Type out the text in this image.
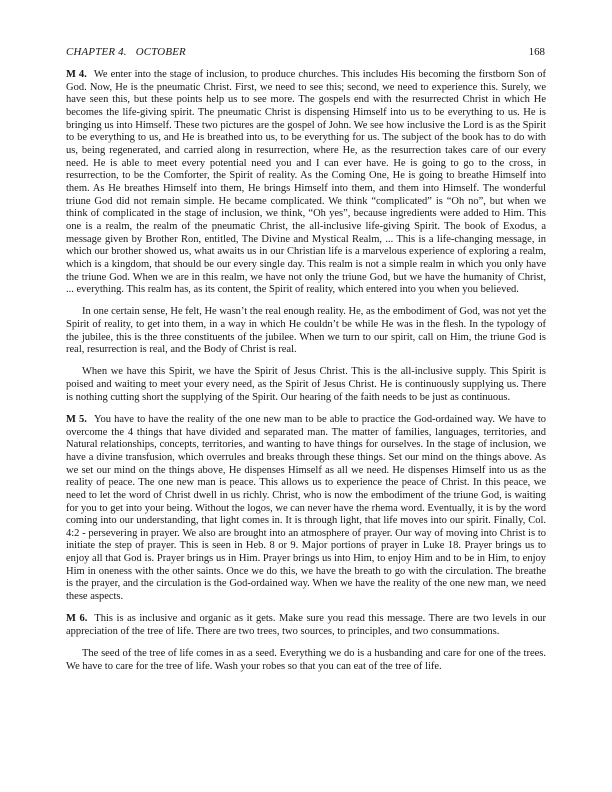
CHAPTER 4. OCTOBER	168

M 4. We enter into the stage of inclusion, to produce churches. This includes His becoming the firstborn Son of God. Now, He is the pneumatic Christ. First, we need to see this; second, we need to experience this. Surely, we have seen this, but these points help us to see more. The gospels end with the resurrected Christ in which He becomes the life-giving spirit. The pneumatic Christ is dispensing Himself into us to be everything to us. He is bringing us into Himself. These two pictures are the gospel of John. We see how inclusive the Lord is as the Spirit to be everything to us, and He is breathed into us, to be everything for us. The subject of the book has to do with us, being regenerated, and carried along in resurrection, where He, as the resurrection takes care of our every need. He is able to meet every potential need you and I can ever have. He is going to go to the cross, in resurrection, to be the Comforter, the Spirit of reality. As the Coming One, He is going to breathe Himself into them. As He breathes Himself into them, He brings Himself into them, and them into Himself. The wonderful triune God did not remain simple. He became complicated. We think “complicated” is “Oh no”, but when we think of complicated in the stage of inclusion, we think, “Oh yes”, because ingredients were added to Him. This one is a realm, the realm of the pneumatic Christ, the all-inclusive life-giving Spirit. The book of Exodus, a message given by Brother Ron, entitled, The Divine and Mystical Realm, ... This is a life-changing message, in which our brother showed us, what awaits us in our Christian life is a marvelous experience of exploring a realm, which is a kingdom, that should be our every single day. This realm is not a simple realm in which you only have the triune God. When we are in this realm, we have not only the triune God, but we have the humanity of Christ, ... everything. This realm has, as its content, the Spirit of reality, which entered into you when you believed.

In one certain sense, He felt, He wasn’t the real enough reality. He, as the embodiment of God, was not yet the Spirit of reality, to get into them, in a way in which He couldn’t be while He was in the flesh. In the typology of the jubilee, this is the three constituents of the jubilee. When we turn to our spirit, call on Him, the triune God is real, resurrection is real, and the Body of Christ is real.

When we have this Spirit, we have the Spirit of Jesus Christ. This is the all-inclusive supply. This Spirit is poised and waiting to meet your every need, as the Spirit of Jesus Christ. He is continuously supplying us. There is nothing cutting short the supplying of the Spirit. Our hearing of the faith needs to be just as continuous.

M 5. You have to have the reality of the one new man to be able to practice the God-ordained way. We have to overcome the 4 things that have divided and separated man. The matter of families, languages, territories, and Natural relationships, concepts, territories, and wanting to have things for ourselves. In the stage of inclusion, we have a divine transfusion, which overrules and breaks through these things. Set our mind on the things above. As we set our mind on the things above, He dispenses Himself as all we need. He dispenses Himself into us as the reality of peace. The one new man is peace. This allows us to experience the peace of Christ. In this peace, we need to let the word of Christ dwell in us richly. Christ, who is now the embodiment of the triune God, is waiting for you to get into your being. Without the logos, we can never have the rhema word. Eventually, it is by the word coming into our understanding, that light comes in. It is through light, that life moves into our spirit. Finally, Col. 4:2 - persevering in prayer. We also are brought into an atmosphere of prayer. Our way of moving into Christ is to initiate the step of prayer. This is seen in Heb. 8 or 9. Major portions of prayer in Luke 18. Prayer brings us to enjoy all that God is. Prayer brings us in Him. Prayer brings us into Him, to enjoy Him and to be in Him, to enjoy Him in oneness with the other saints. Once we do this, we have the breath to go with the circulation. The breathe is the prayer, and the circulation is the God-ordained way. When we have the reality of the one new man, we need these aspects.

M 6. This is as inclusive and organic as it gets. Make sure you read this message. There are two levels in our appreciation of the tree of life. There are two trees, two sources, to principles, and two consummations.

The seed of the tree of life comes in as a seed. Everything we do is a husbanding and care for one of the trees. We have to care for the tree of life. Wash your robes so that you can eat of the tree of life.
